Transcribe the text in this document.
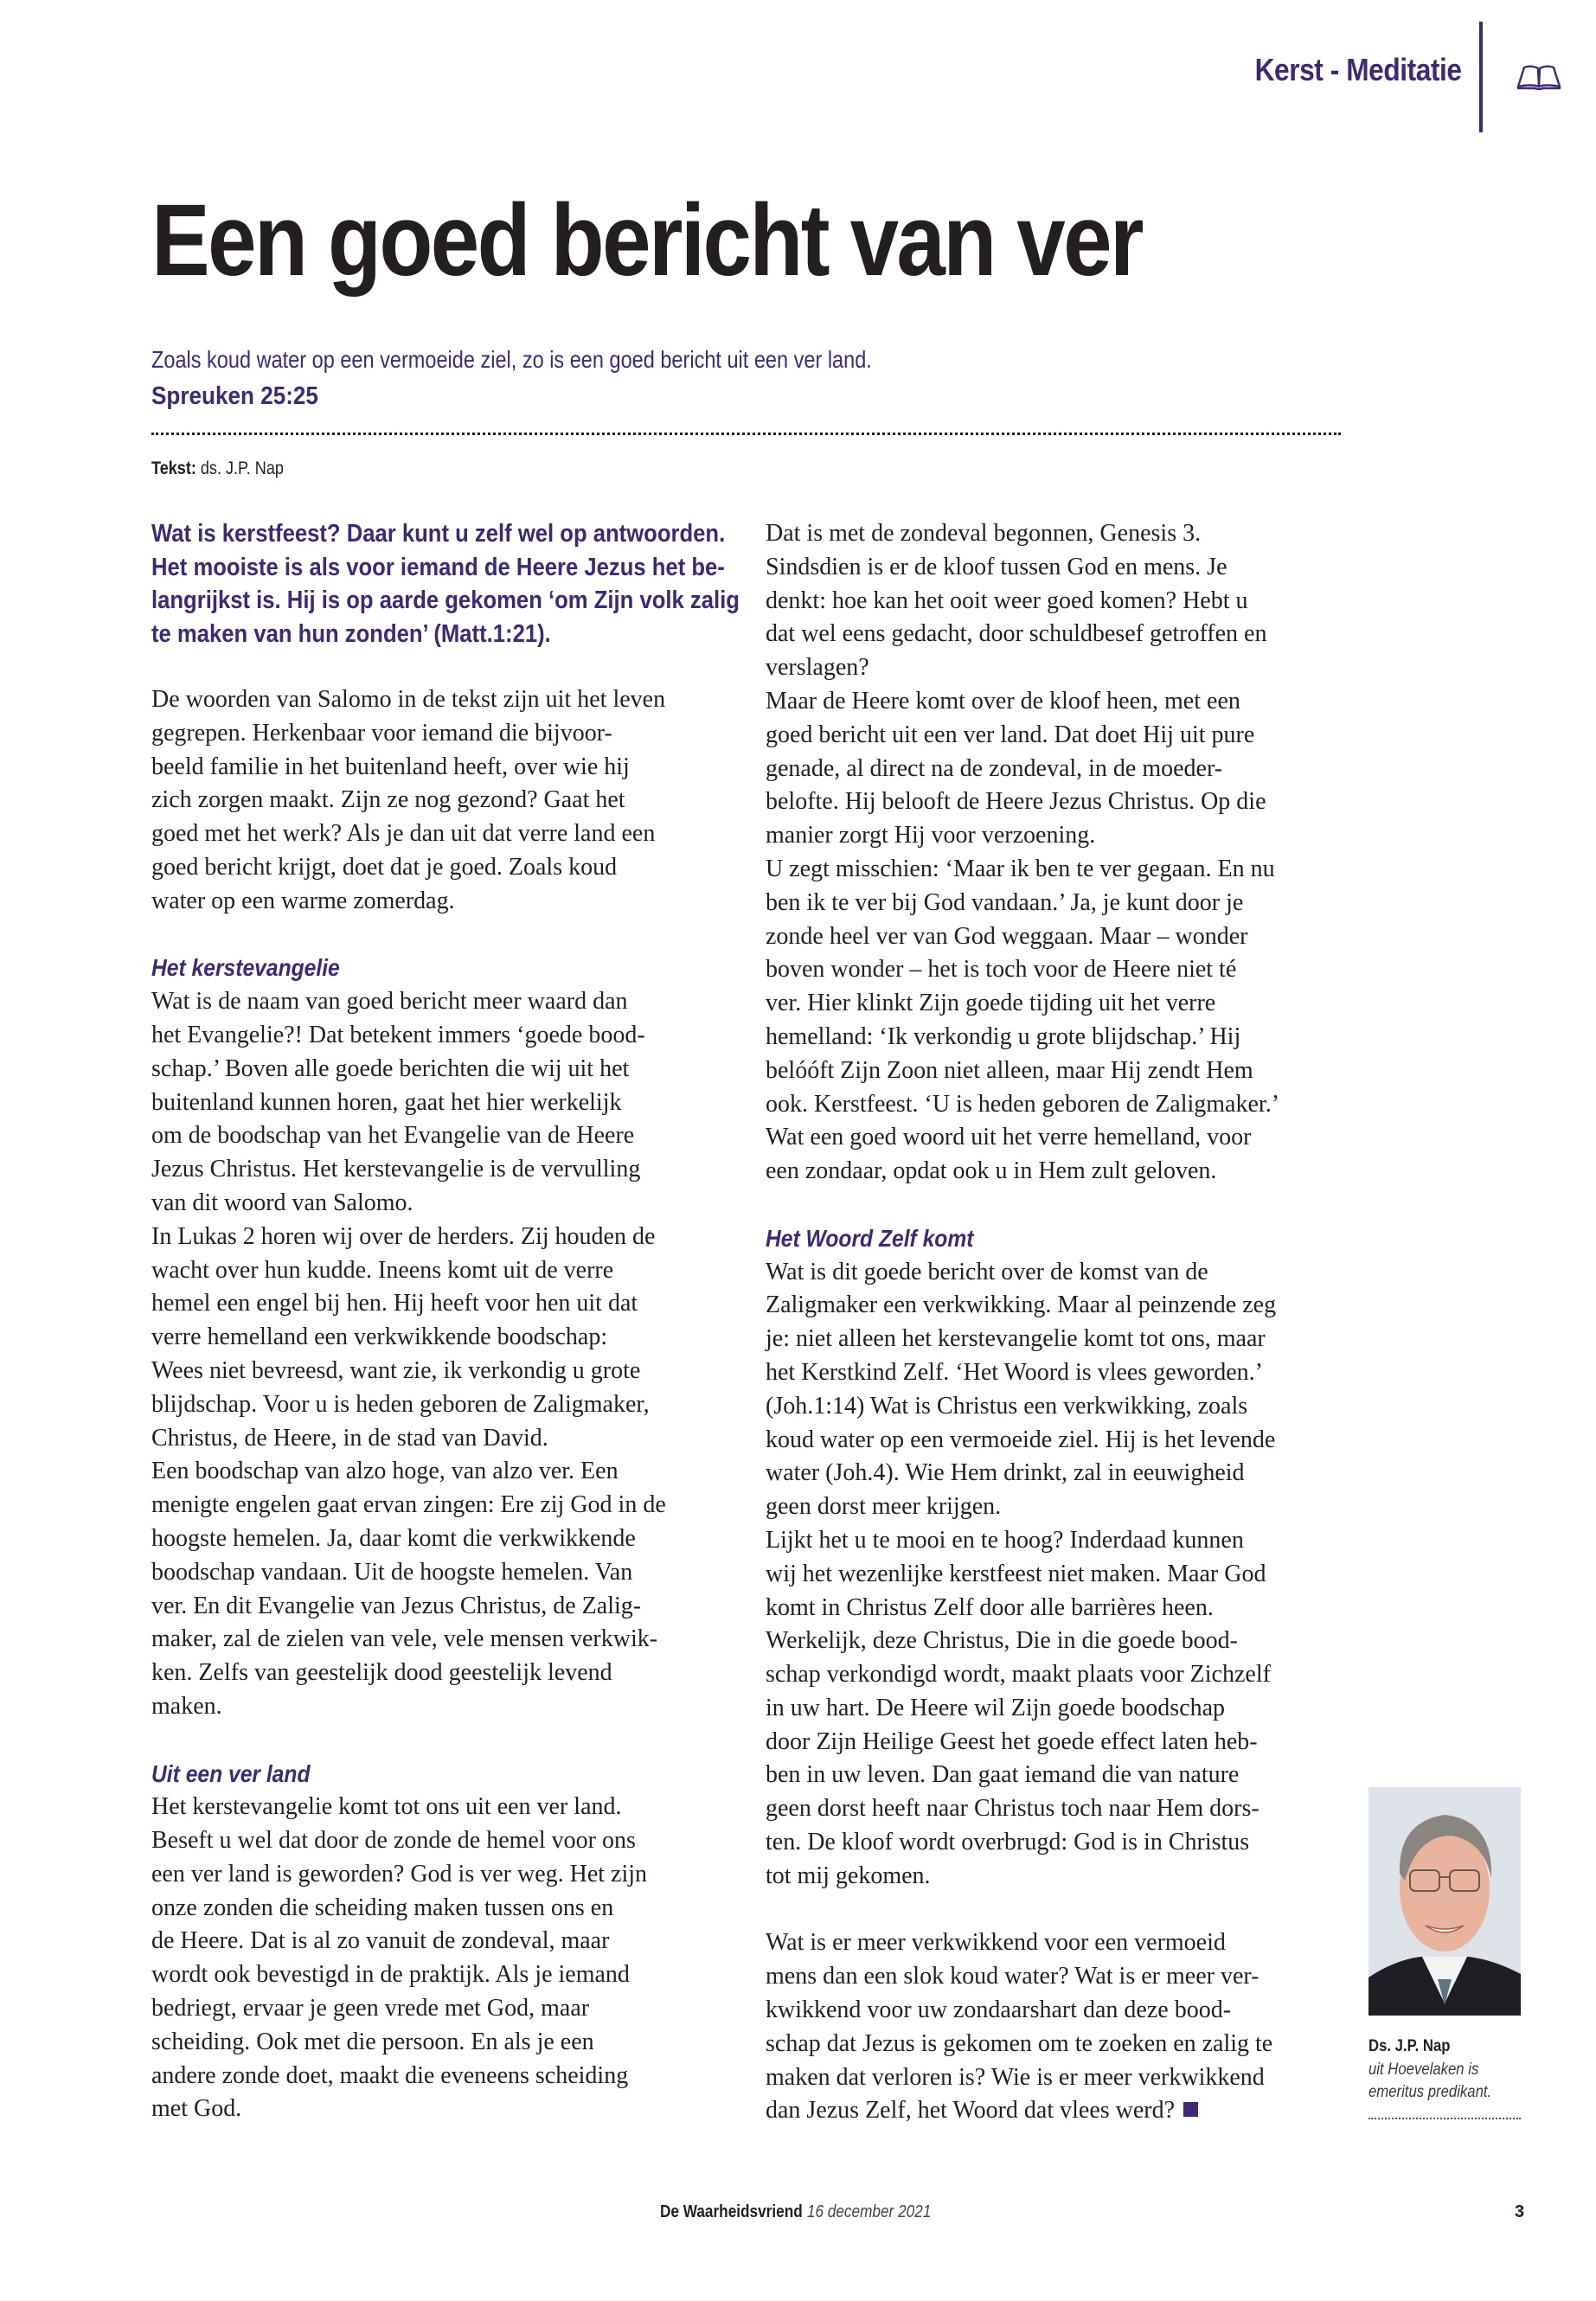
Kerst - Meditatie
Een goed bericht van ver
Zoals koud water op een vermoeide ziel, zo is een goed bericht uit een ver land.
Spreuken 25:25
Tekst: ds. J.P. Nap
Wat is kerstfeest? Daar kunt u zelf wel op antwoorden.
Het mooiste is als voor iemand de Heere Jezus het be-
langrijkst is. Hij is op aarde gekomen ‘om Zijn volk zalig
te maken van hun zonden’ (Matt.1:21).
De woorden van Salomo in de tekst zijn uit het leven
gegrepen. Herkenbaar voor iemand die bijvoor-
beeld familie in het buitenland heeft, over wie hij
zich zorgen maakt. Zijn ze nog gezond? Gaat het
goed met het werk? Als je dan uit dat verre land een
goed bericht krijgt, doet dat je goed. Zoals koud
water op een warme zomerdag.
Het kerstevangelie
Wat is de naam van goed bericht meer waard dan
het Evangelie?! Dat betekent immers ‘goede bood-
schap.’ Boven alle goede berichten die wij uit het
buitenland kunnen horen, gaat het hier werkelijk
om de boodschap van het Evangelie van de Heere
Jezus Christus. Het kerstevangelie is de vervulling
van dit woord van Salomo.
In Lukas 2 horen wij over de herders. Zij houden de
wacht over hun kudde. Ineens komt uit de verre
hemel een engel bij hen. Hij heeft voor hen uit dat
verre hemelland een verkwikkende boodschap:
Wees niet bevreesd, want zie, ik verkondig u grote
blijdschap. Voor u is heden geboren de Zaligmaker,
Christus, de Heere, in de stad van David.
Een boodschap van alzo hoge, van alzo ver. Een
menigte engelen gaat ervan zingen: Ere zij God in de
hoogste hemelen. Ja, daar komt die verkwikkende
boodschap vandaan. Uit de hoogste hemelen. Van
ver. En dit Evangelie van Jezus Christus, de Zalig-
maker, zal de zielen van vele, vele mensen verkwik-
ken. Zelfs van geestelijk dood geestelijk levend
maken.
Uit een ver land
Het kerstevangelie komt tot ons uit een ver land.
Beseft u wel dat door de zonde de hemel voor ons
een ver land is geworden? God is ver weg. Het zijn
onze zonden die scheiding maken tussen ons en
de Heere. Dat is al zo vanuit de zondeval, maar
wordt ook bevestigd in de praktijk. Als je iemand
bedriegt, ervaar je geen vrede met God, maar
scheiding. Ook met die persoon. En als je een
andere zonde doet, maakt die eveneens scheiding
met God.
Dat is met de zondeval begonnen, Genesis 3.
Sindsdien is er de kloof tussen God en mens. Je
denkt: hoe kan het ooit weer goed komen? Hebt u
dat wel eens gedacht, door schuldbesef getroffen en
verslagen?
Maar de Heere komt over de kloof heen, met een
goed bericht uit een ver land. Dat doet Hij uit pure
genade, al direct na de zondeval, in de moeder-
belofte. Hij belooft de Heere Jezus Christus. Op die
manier zorgt Hij voor verzoening.
U zegt misschien: ‘Maar ik ben te ver gegaan. En nu
ben ik te ver bij God vandaan.’ Ja, je kunt door je
zonde heel ver van God weggaan. Maar – wonder
boven wonder – het is toch voor de Heere niet té
ver. Hier klinkt Zijn goede tijding uit het verre
hemelland: ‘Ik verkondig u grote blijdschap.’ Hij
belóóft Zijn Zoon niet alleen, maar Hij zendt Hem
ook. Kerstfeest. ‘U is heden geboren de Zaligmaker.’
Wat een goed woord uit het verre hemelland, voor
een zondaar, opdat ook u in Hem zult geloven.
Het Woord Zelf komt
Wat is dit goede bericht over de komst van de
Zaligmaker een verkwikking. Maar al peinzende zeg
je: niet alleen het kerstevangelie komt tot ons, maar
het Kerstkind Zelf. ‘Het Woord is vlees geworden.’
(Joh.1:14) Wat is Christus een verkwikking, zoals
koud water op een vermoeide ziel. Hij is het levende
water (Joh.4). Wie Hem drinkt, zal in eeuwigheid
geen dorst meer krijgen.
Lijkt het u te mooi en te hoog? Inderdaad kunnen
wij het wezenlijke kerstfeest niet maken. Maar God
komt in Christus Zelf door alle barrières heen.
Werkelijk, deze Christus, Die in die goede bood-
schap verkondigd wordt, maakt plaats voor Zichzelf
in uw hart. De Heere wil Zijn goede boodschap
door Zijn Heilige Geest het goede effect laten heb-
ben in uw leven. Dan gaat iemand die van nature
geen dorst heeft naar Christus toch naar Hem dors-
ten. De kloof wordt overbrugd: God is in Christus
tot mij gekomen.
Wat is er meer verkwikkend voor een vermoeid
mens dan een slok koud water? Wat is er meer ver-
kwikkend voor uw zondaarshart dan deze bood-
schap dat Jezus is gekomen om te zoeken en zalig te
maken dat verloren is? Wie is er meer verkwikkend
dan Jezus Zelf, het Woord dat vlees werd?
Ds. J.P. Nap
uit Hoevelaken is
emeritus predikant.
De Waarheidsvriend 16 december 2021	3
